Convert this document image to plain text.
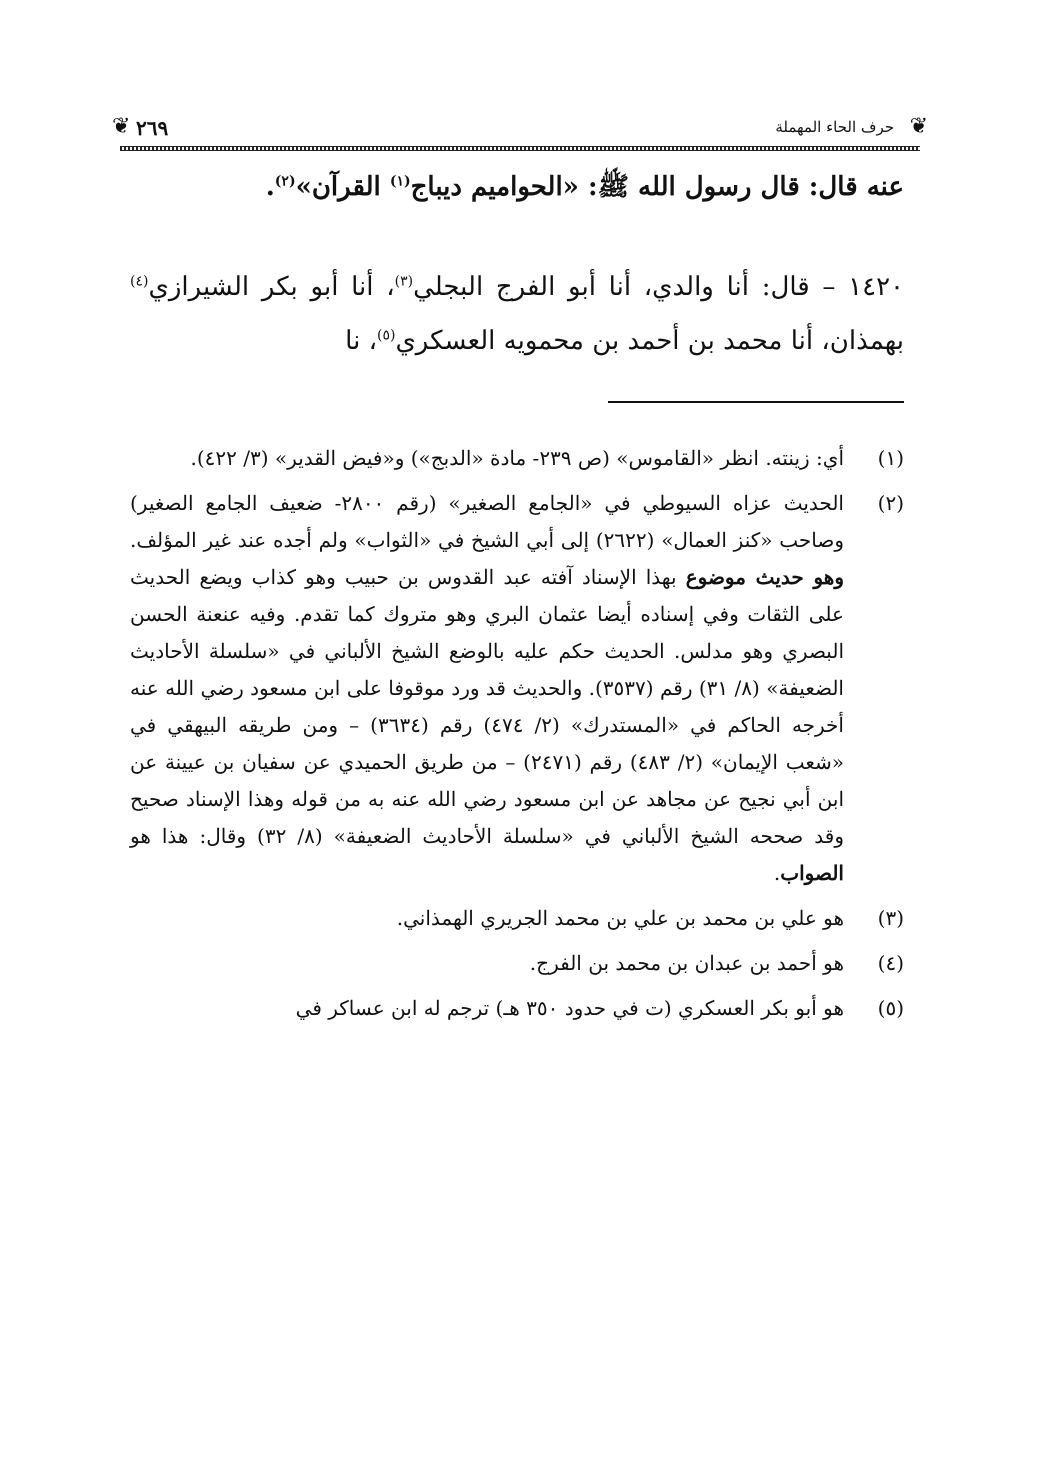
❦ ٢٦٩	حرف الحاء المهملة ❦

عنه قال: قال رسول الله ﷺ: «الحواميم ديباج$^{(١)}$ القرآن»$^{(٢)}$.

١٤٢٠ – قال: أنا والدي، أنا أبو الفرج البجلي$^{(٣)}$، أنا أبو بكر الشيرازي$^{(٤)}$ بهمذان، أنا محمد بن أحمد بن محمويه العسكري$^{(٥)}$، نا

(١)
أي: زينته. انظر «القاموس» (ص ٢٣٩- مادة «الدبج») و«فيض القدير» (٣/ ٤٢٢).
(٢)
الحديث عزاه السيوطي في «الجامع الصغير» (رقم ٢٨٠٠- ضعيف الجامع الصغير) وصاحب «كنز العمال» (٢٦٢٢) إلى أبي الشيخ في «الثواب» ولم أجده عند غير المؤلف. وهو حديث موضوع بهذا الإسناد آفته عبد القدوس بن حبيب وهو كذاب ويضع الحديث على الثقات وفي إسناده أيضا عثمان البري وهو متروك كما تقدم. وفيه عنعنة الحسن البصري وهو مدلس. الحديث حكم عليه بالوضع الشيخ الألباني في «سلسلة الأحاديث الضعيفة» (٨/ ٣١) رقم (٣٥٣٧). والحديث قد ورد موقوفا على ابن مسعود رضي الله عنه أخرجه الحاكم في «المستدرك» (٢/ ٤٧٤) رقم (٣٦٣٤) – ومن طريقه البيهقي في «شعب الإيمان» (٢/ ٤٨٣) رقم (٢٤٧١) – من طريق الحميدي عن سفيان بن عيينة عن ابن أبي نجيح عن مجاهد عن ابن مسعود رضي الله عنه به من قوله وهذا الإسناد صحيح وقد صححه الشيخ الألباني في «سلسلة الأحاديث الضعيفة» (٨/ ٣٢) وقال: هذا هو الصواب.
(٣)
هو علي بن محمد بن علي بن محمد الجريري الهمذاني.
(٤)
هو أحمد بن عبدان بن محمد بن الفرج.
(٥)
هو أبو بكر العسكري (ت في حدود ٣٥٠ هـ) ترجم له ابن عساكر في
